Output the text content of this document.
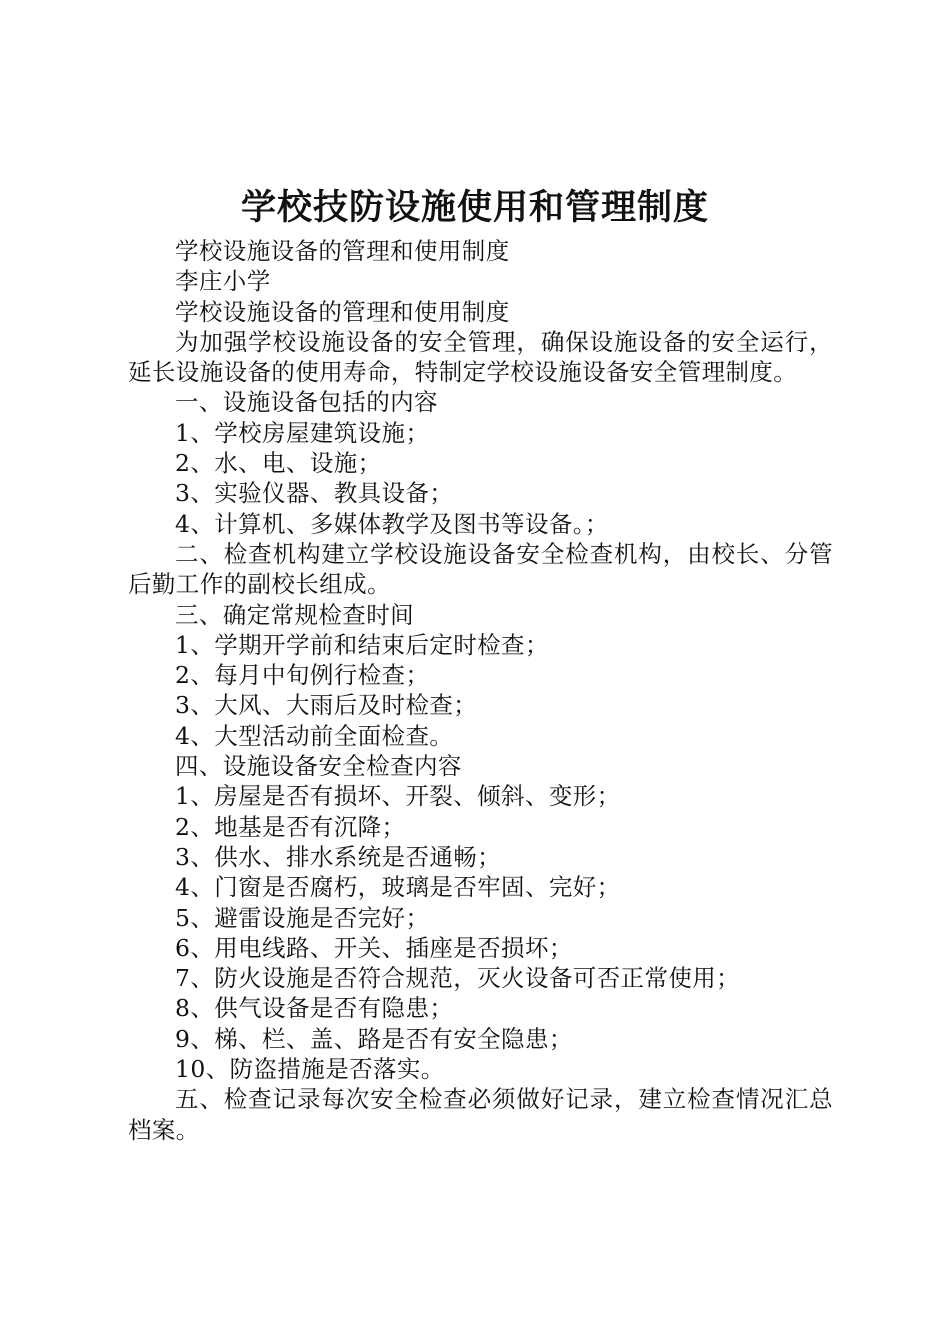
学校技防设施使用和管理制度

学校设施设备的管理和使用制度

李庄小学

学校设施设备的管理和使用制度

为加强学校设施设备的安全管理，确保设施设备的安全运行，延长设施设备的使用寿命，特制定学校设施设备安全管理制度。

一、设施设备包括的内容

1、学校房屋建筑设施；

2、水、电、设施；

3、实验仪器、教具设备；

4、计算机、多媒体教学及图书等设备。；

二、检查机构建立学校设施设备安全检查机构，由校长、分管后勤工作的副校长组成。

三、确定常规检查时间

1、学期开学前和结束后定时检查；

2、每月中旬例行检查；

3、大风、大雨后及时检查；

4、大型活动前全面检查。

四、设施设备安全检查内容

1、房屋是否有损坏、开裂、倾斜、变形；

2、地基是否有沉降；

3、供水、排水系统是否通畅；

4、门窗是否腐朽，玻璃是否牢固、完好；

5、避雷设施是否完好；

6、用电线路、开关、插座是否损坏；

7、防火设施是否符合规范，灭火设备可否正常使用；

8、供气设备是否有隐患；

9、梯、栏、盖、路是否有安全隐患；

10、防盗措施是否落实。

五、检查记录每次安全检查必须做好记录，建立检查情况汇总档案。
